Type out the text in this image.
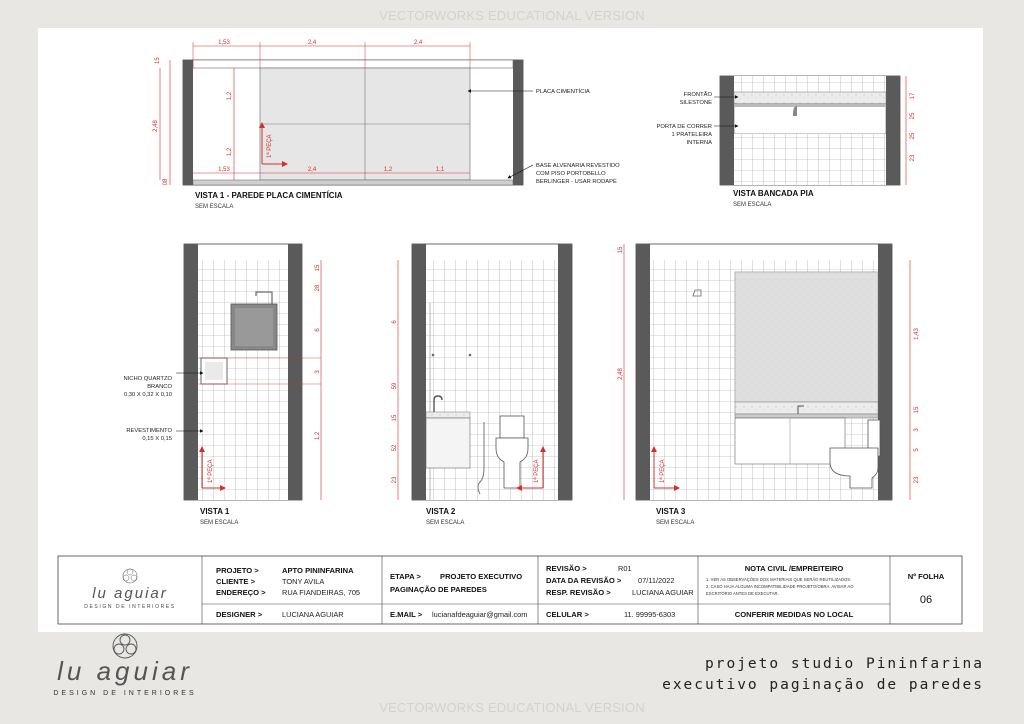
VECTORWORKS EDUCATIONAL VERSION
1,53	2,4	2,4
1,53	2,4	1,2	1,1
15
2,48
1,2
1,2
08
1ª PEÇA
PLACA CIMENTÍCIA
BASE ALVENARIA REVESTIDO
COM PISO PORTOBELLO
BERLINGER - USAR RODAPÉ
VISTA 1 - PAREDE PLACA CIMENTÍCIA
SEM ESCALA
17
25
25
23
FRONTÃO
SILESTONE
PORTA DE CORRER
1 PRATELEIRA
INTERNA
VISTA BANCADA PIA
SEM ESCALA
15
28
6
3
1,2
1ª PEÇA
NICHO QUARTZO
BRANCO
0,30 X 0,32 X 0,10
REVESTIMENTO
0,15 X 0,15
VISTA 1
SEM ESCALA
6
59
15
52
23	1ª PEÇA
VISTA 2
SEM ESCALA
15
2,48
1,43
15
3
5
23
1ª PEÇA
VISTA 3
SEM ESCALA
lu aguiar
DESIGN DE INTERIORES
PROJETO >	APTO PININFARINA
CLIENTE >	TONY AVILA
ENDEREÇO > RUA FIANDEIRAS, 705
DESIGNER >	LUCIANA AGUIAR
ETAPA >	PROJETO EXECUTIVO
PAGINAÇÃO DE PAREDES
E.MAIL > lucianafdeaguiar@gmail.com
REVISÃO >	R01
DATA DA REVISÃO > 07/11/2022
RESP. REVISÃO >	LUCIANA AGUIAR
CELULAR >	11. 99995-6303
NOTA CIVIL /EMPREITEIRO
1. VER AS OBSERVAÇÕES DOS MATERIAIS QUE SERÃO REUTILIZADOS.
2. CASO HAJA ALGUMA INCOMPATIBILIDADE PROJETO/OBRA, AVISAR AO
ESCRITÓRIO ANTES DE EXECUTAR.
CONFERIR MEDIDAS NO LOCAL
Nº FOLHA
06
lu aguiar
DESIGN DE INTERIORES
projeto studio Pininfarina
executivo paginação de paredes
VECTORWORKS EDUCATIONAL VERSION
